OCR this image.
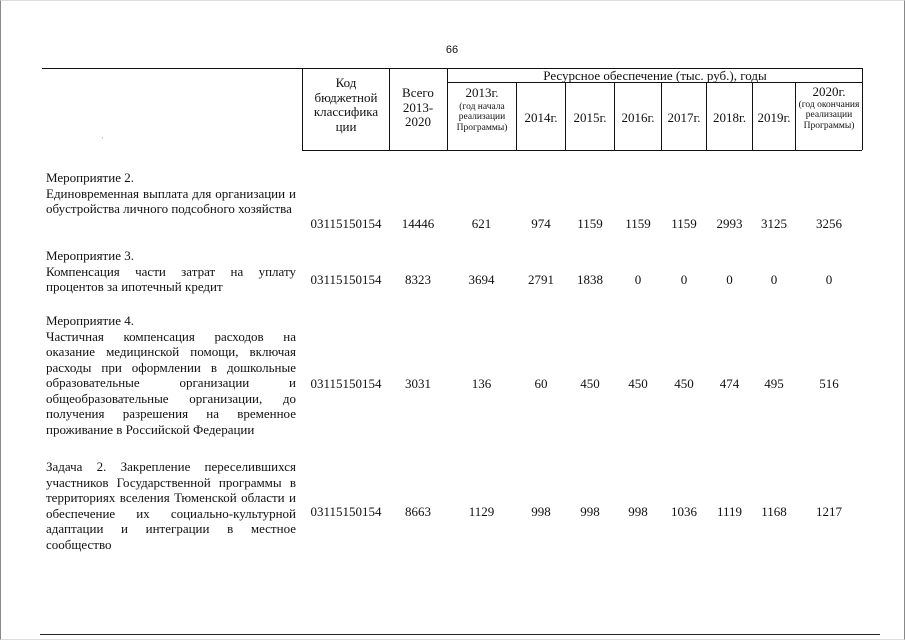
66
·
Код бюджетной классифика ции
Всего 2013- 2020
Ресурсное обеспечение (тыс. руб.), годы
2013г.
(год начала реализации Программы)
2014г.	2015г.	2016г. 2017г. 2018г. 2019г.
2020г.
(год окончания реализации Программы)
Мероприятие 2.
Единовременная выплата для организации и обустройства личного подсобного хозяйства
03115150154	14446	621	974	1159	1159	1159	2993	3125	3256
Мероприятие 3.
Компенсация части затрат на уплату процентов за ипотечный кредит	03115150154	8323	3694	2791	1838	0	0	0	0	0
Мероприятие 4.
Частичная компенсация расходов на оказание медицинской помощи, включая расходы при оформлении в дошкольные образовательные организации и общеобразовательные организации, до получения разрешения на временное проживание в Российской Федерации
03115150154	3031	136	60	450	450	450	474	495	516
Задача 2. Закрепление переселившихся участников Государственной программы в территориях вселения Тюменской области и обеспечение их социально-культурной адаптации и интеграции в местное сообщество
03115150154	8663	1129	998	998	998	1036	1119	1168	1217
